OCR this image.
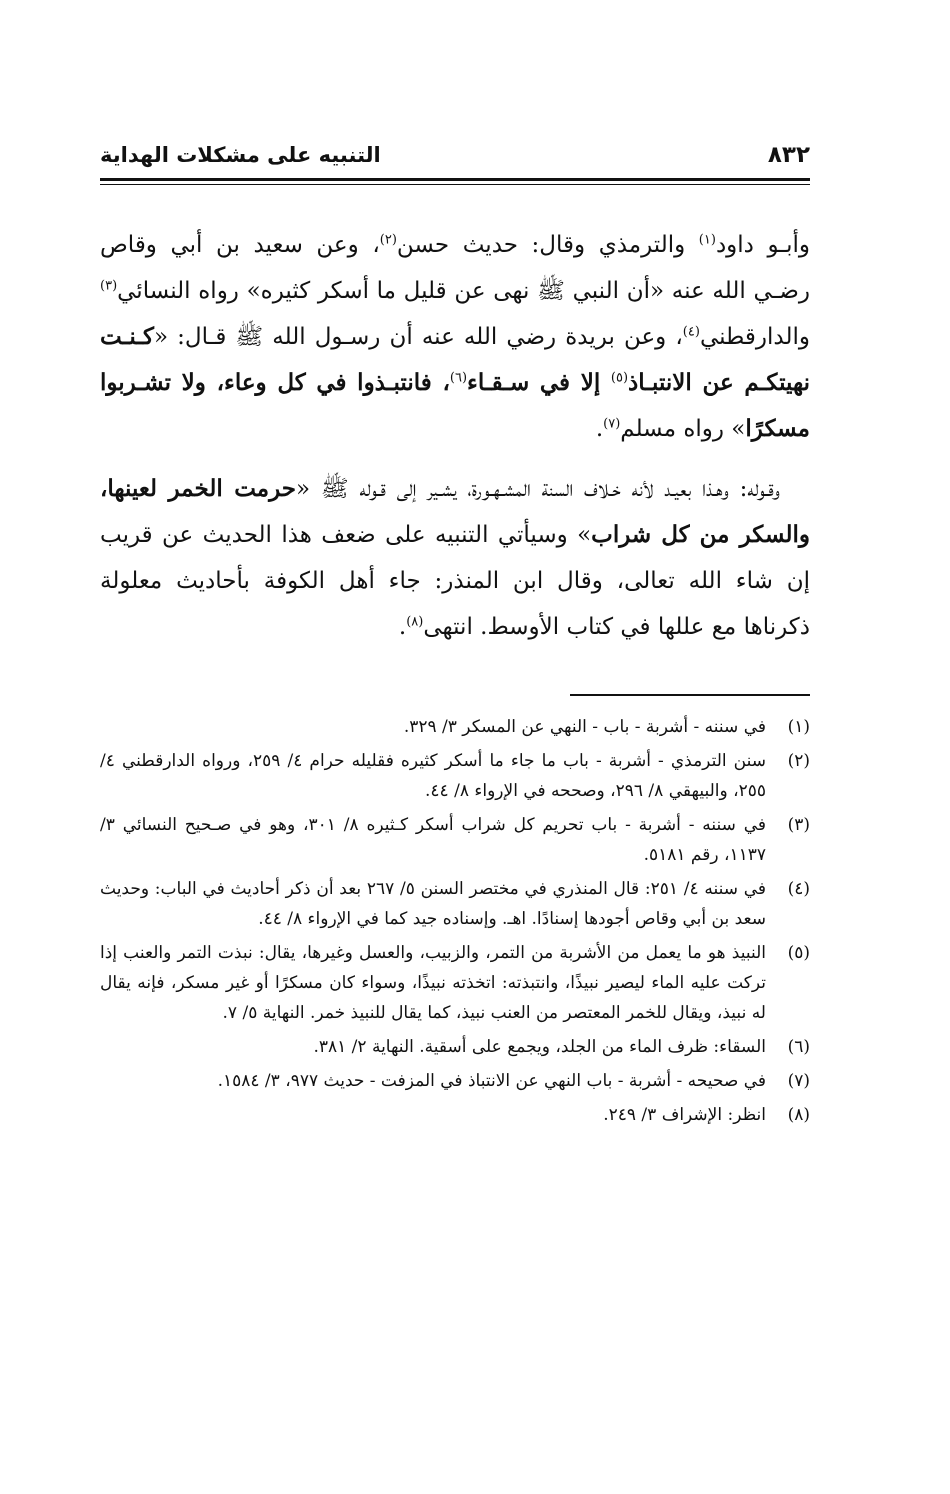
٨٣٢
التنبيه على مشكلات الهداية

وأبـو داود$^{(١)}$ والترمذي وقال: حديث حسن$^{(٢)}$، وعن سعيد بن أبي وقاص رضـي الله عنه «أن النبي ﷺ نهى عن قليل ما أسكر كثيره» رواه النسائي$^{(٣)}$ والدارقطني$^{(٤)}$، وعن بريدة رضي الله عنه أن رسـول الله ﷺ قـال: «كـنـت نهيتكـم عن الانتبـاذ$^{(٥)}$ إلا في سـقـاء$^{(٦)}$، فانتبـذوا في كل وعاء، ولا تشـربوا مسكرًا» رواه مسلم$^{(٧)}$.

وقـوله: وهـذا بعيـد لأنه خـلاف السنة المشـهـورة، يشـير إلى قـوله ﷺ «حرمت الخمر لعينها، والسكر من كل شراب» وسيأتي التنبيه على ضعف هذا الحديث عن قريب إن شاء الله تعالى، وقال ابن المنذر: جاء أهل الكوفة بأحاديث معلولة ذكرناها مع عللها في كتاب الأوسط. انتهى$^{(٨)}$.

(١)
في سننه - أشربة - باب - النهي عن المسكر ٣/ ٣٢٩.
(٢)
سنن الترمذي - أشربة - باب ما جاء ما أسكر كثيره فقليله حرام ٤/ ٢٥٩، ورواه الدارقطني ٤/ ٢٥٥، والبيهقي ٨/ ٢٩٦، وصححه في الإرواء ٨/ ٤٤.
(٣)
في سننه - أشربة - باب تحريم كل شراب أسكر كـثيره ٨/ ٣٠١، وهو في صـحيح النسائي ٣/ ١١٣٧، رقم ٥١٨١.
(٤)
في سننه ٤/ ٢٥١: قال المنذري في مختصر السنن ٥/ ٢٦٧ بعد أن ذكر أحاديث في الباب: وحديث سعد بن أبي وقاص أجودها إسنادًا. اهـ. وإسناده جيد كما في الإرواء ٨/ ٤٤.
(٥)
النبيذ هو ما يعمل من الأشربة من التمر، والزبيب، والعسل وغيرها، يقال: نبذت التمر والعنب إذا تركت عليه الماء ليصير نبيذًا، وانتبذته: اتخذته نبيذًا، وسواء كان مسكرًا أو غير مسكر، فإنه يقال له نبيذ، ويقال للخمر المعتصر من العنب نبيذ، كما يقال للنبيذ خمر. النهاية ٥/ ٧.
(٦)
السقاء: ظرف الماء من الجلد، ويجمع على أسقية. النهاية ٢/ ٣٨١.
(٧)
في صحيحه - أشربة - باب النهي عن الانتباذ في المزفت - حديث ٩٧٧، ٣/ ١٥٨٤.
(٨)
انظر: الإشراف ٣/ ٢٤٩.
